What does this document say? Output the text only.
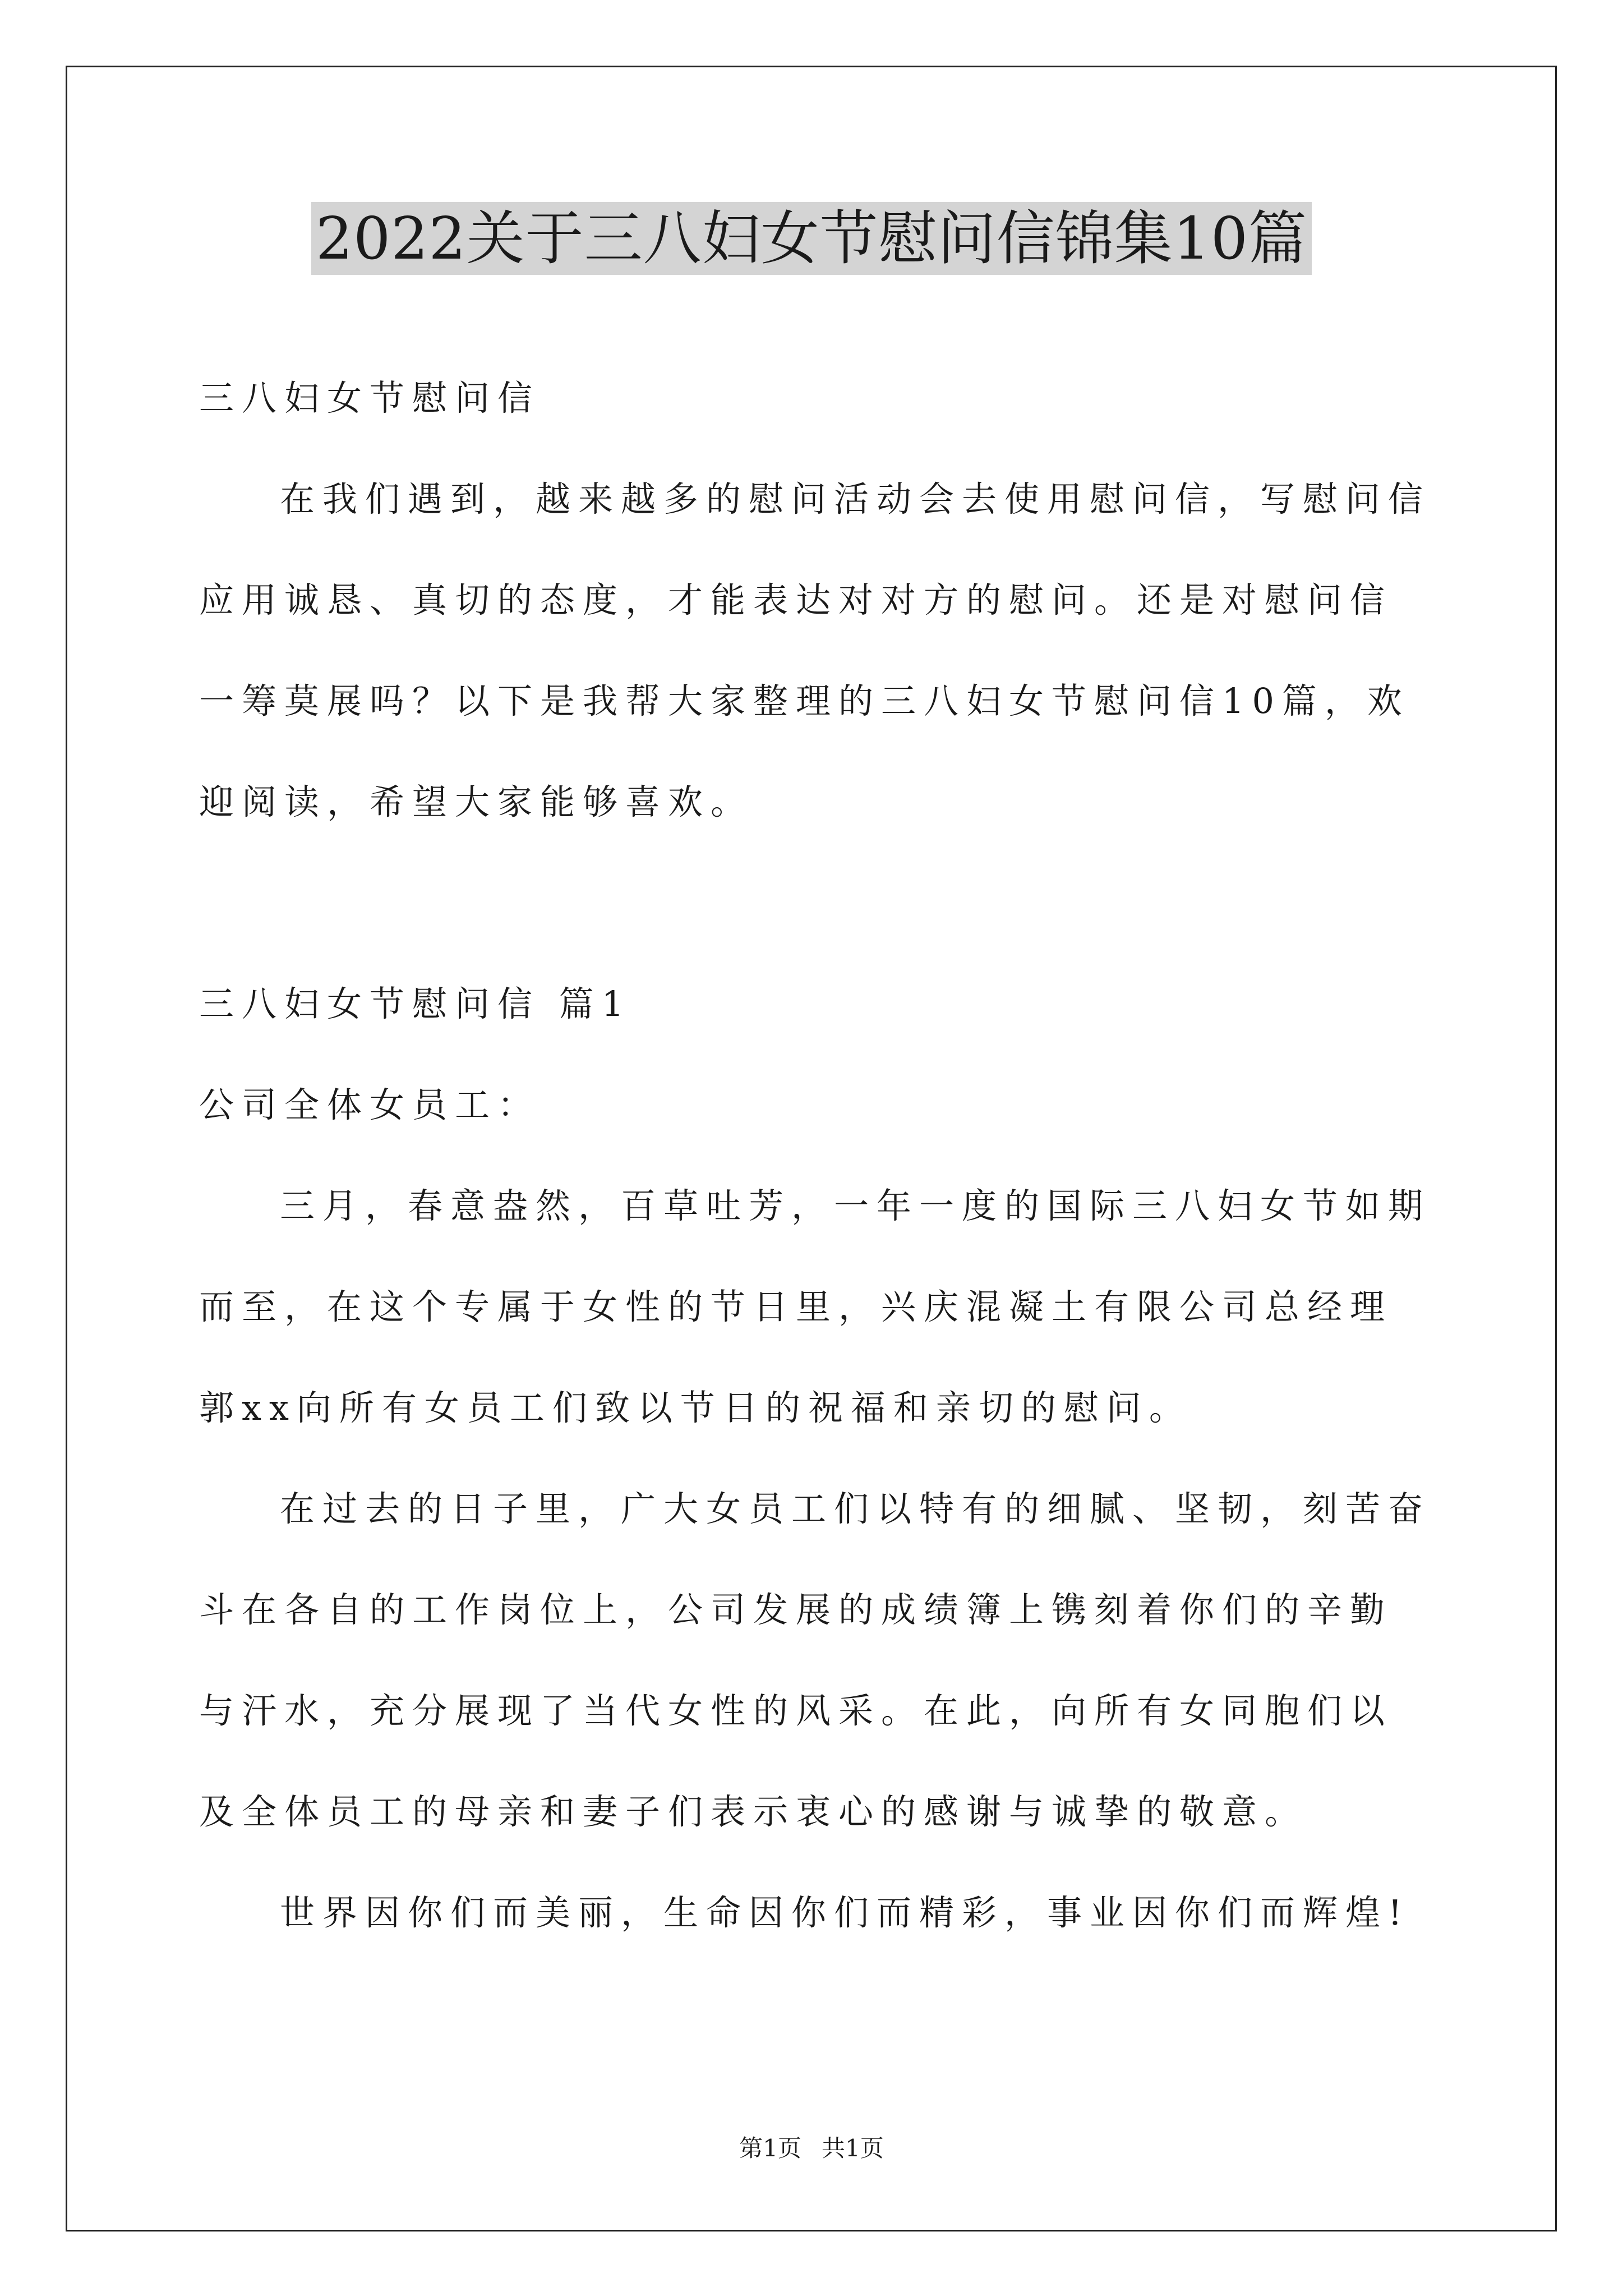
2022关于三八妇女节慰问信锦集10篇

三八妇女节慰问信

在我们遇到，越来越多的慰问活动会去使用慰问信，写慰问信应用诚恳、真切的态度，才能表达对对方的慰问。还是对慰问信一筹莫展吗？以下是我帮大家整理的三八妇女节慰问信10篇，欢迎阅读，希望大家能够喜欢。

三八妇女节慰问信 篇1

公司全体女员工：

三月，春意盎然，百草吐芳，一年一度的国际三八妇女节如期而至，在这个专属于女性的节日里，兴庆混凝土有限公司总经理郭xx向所有女员工们致以节日的祝福和亲切的慰问。

在过去的日子里，广大女员工们以特有的细腻、坚韧，刻苦奋斗在各自的工作岗位上，公司发展的成绩簿上镌刻着你们的辛勤与汗水，充分展现了当代女性的风采。在此，向所有女同胞们以及全体员工的母亲和妻子们表示衷心的感谢与诚挚的敬意。

世界因你们而美丽，生命因你们而精彩，事业因你们而辉煌!

第1页 共1页
